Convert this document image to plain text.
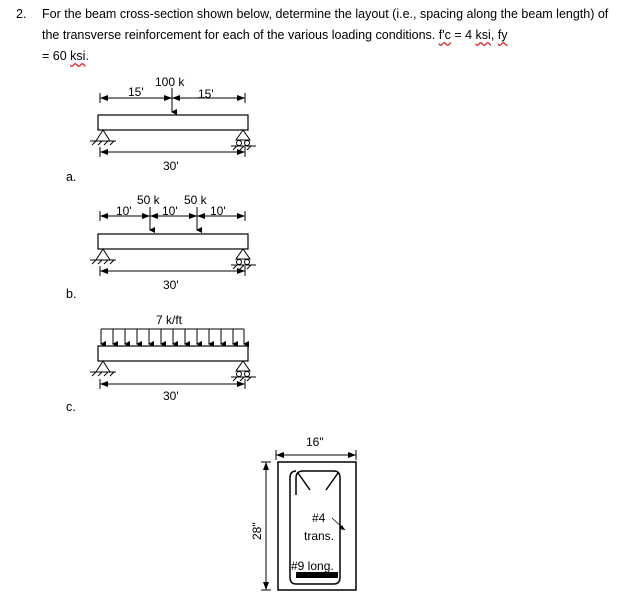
2. For the beam cross-section shown below, determine the layout (i.e., spacing along the beam length) of the transverse reinforcement for each of the various loading conditions. f'c = 4 ksi, fy
= 60 ksi.
a.
b.
c.
15'	15'
100 k
30'
10'	10'	10'
50 k 50 k
30'
7 k/ft
30'
16"
28"
#4
trans.
#9 long.
